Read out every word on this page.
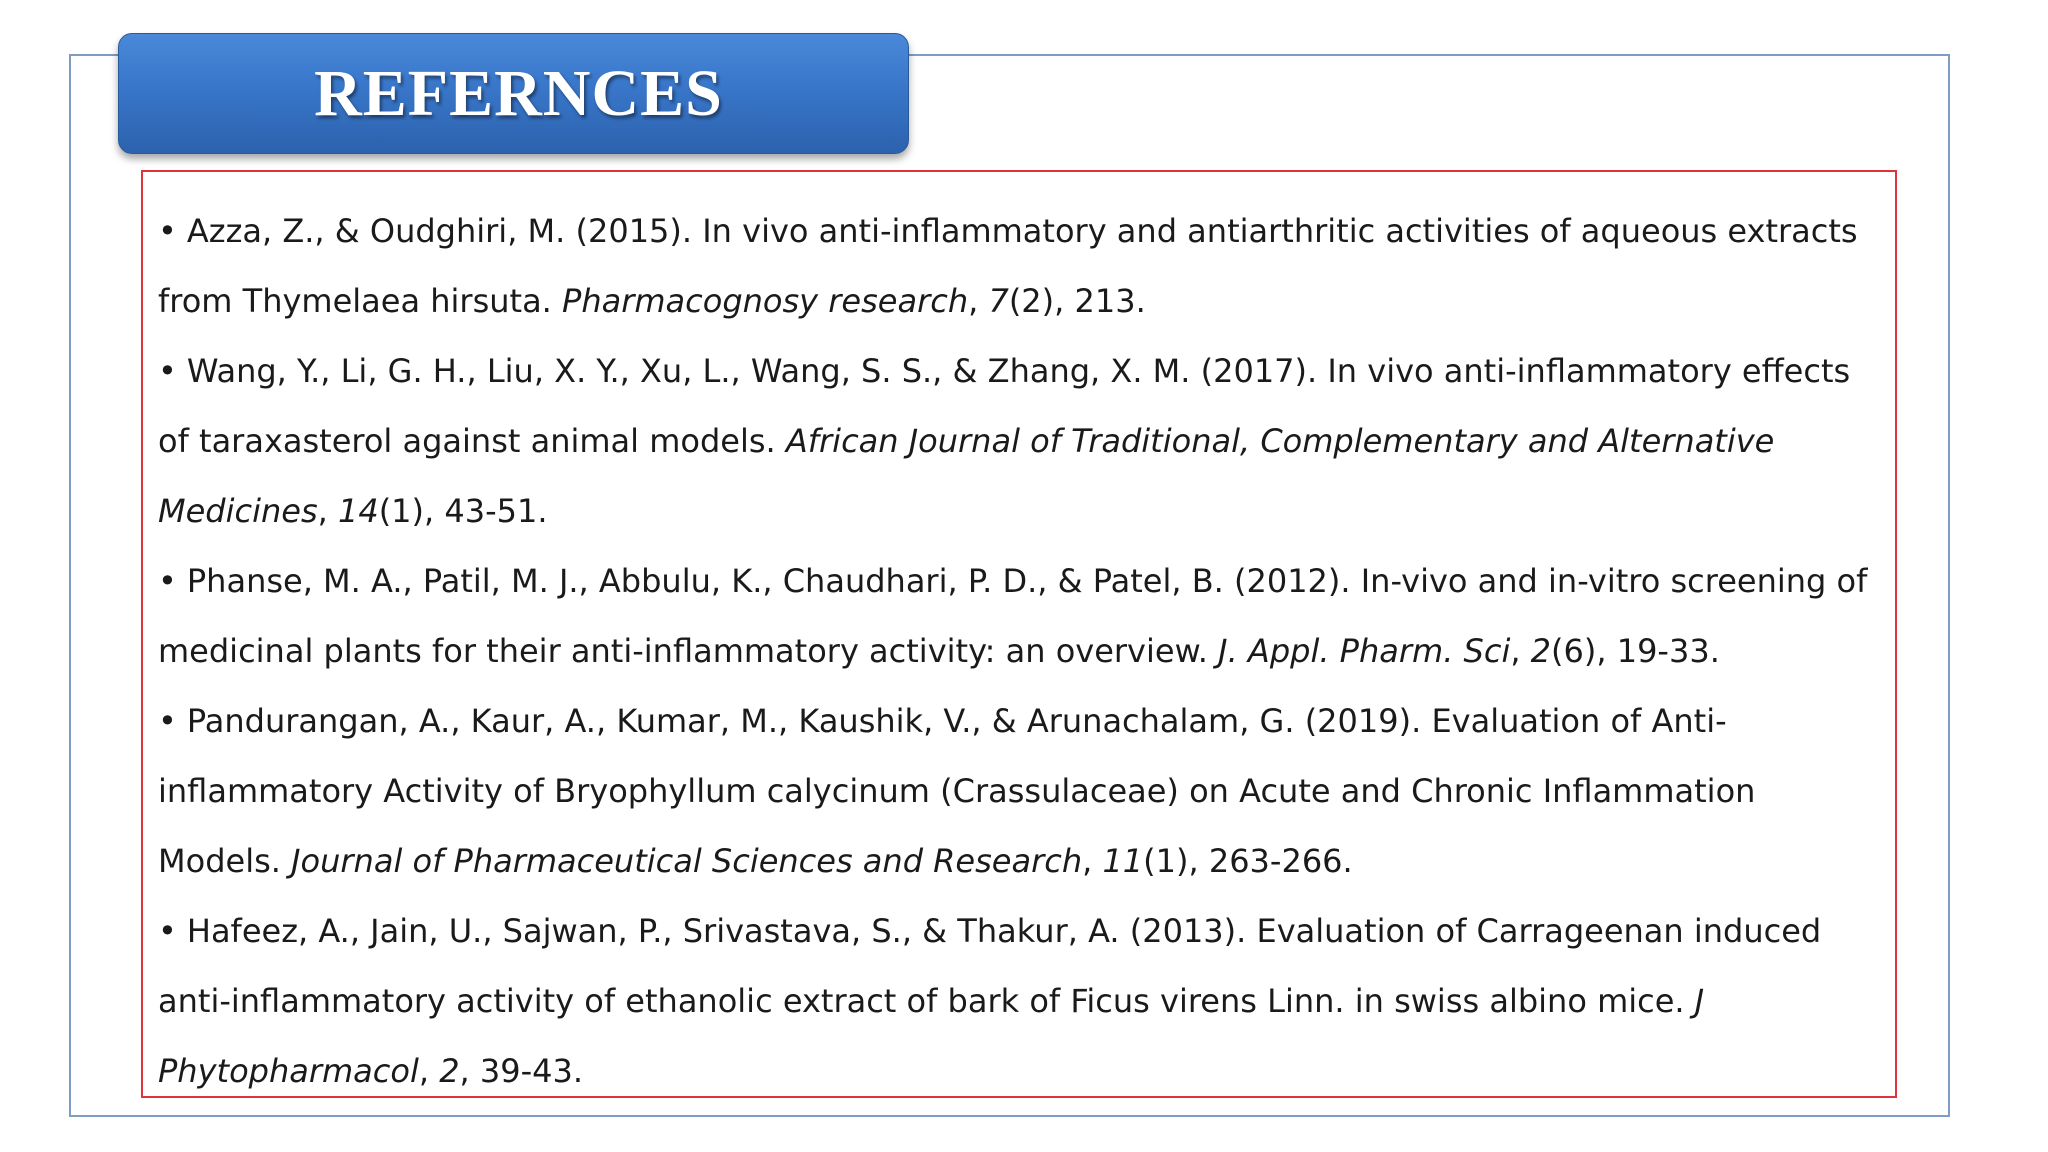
REFERNCES
• Azza, Z., & Oudghiri, M. (2015). In vivo anti-inflammatory and antiarthritic activities of aqueous extracts from Thymelaea hirsuta. Pharmacognosy research, 7(2), 213.
• Wang, Y., Li, G. H., Liu, X. Y., Xu, L., Wang, S. S., & Zhang, X. M. (2017). In vivo anti-inflammatory effects of taraxasterol against animal models. African Journal of Traditional, Complementary and Alternative Medicines, 14(1), 43-51.
• Phanse, M. A., Patil, M. J., Abbulu, K., Chaudhari, P. D., & Patel, B. (2012). In-vivo and in-vitro screening of medicinal plants for their anti-inflammatory activity: an overview. J. Appl. Pharm. Sci, 2(6), 19-33.
• Pandurangan, A., Kaur, A., Kumar, M., Kaushik, V., & Arunachalam, G. (2019). Evaluation of Anti-inflammatory Activity of Bryophyllum calycinum (Crassulaceae) on Acute and Chronic Inflammation Models. Journal of Pharmaceutical Sciences and Research, 11(1), 263-266.
• Hafeez, A., Jain, U., Sajwan, P., Srivastava, S., & Thakur, A. (2013). Evaluation of Carrageenan induced anti-inflammatory activity of ethanolic extract of bark of Ficus virens Linn. in swiss albino mice. J Phytopharmacol, 2, 39-43.
